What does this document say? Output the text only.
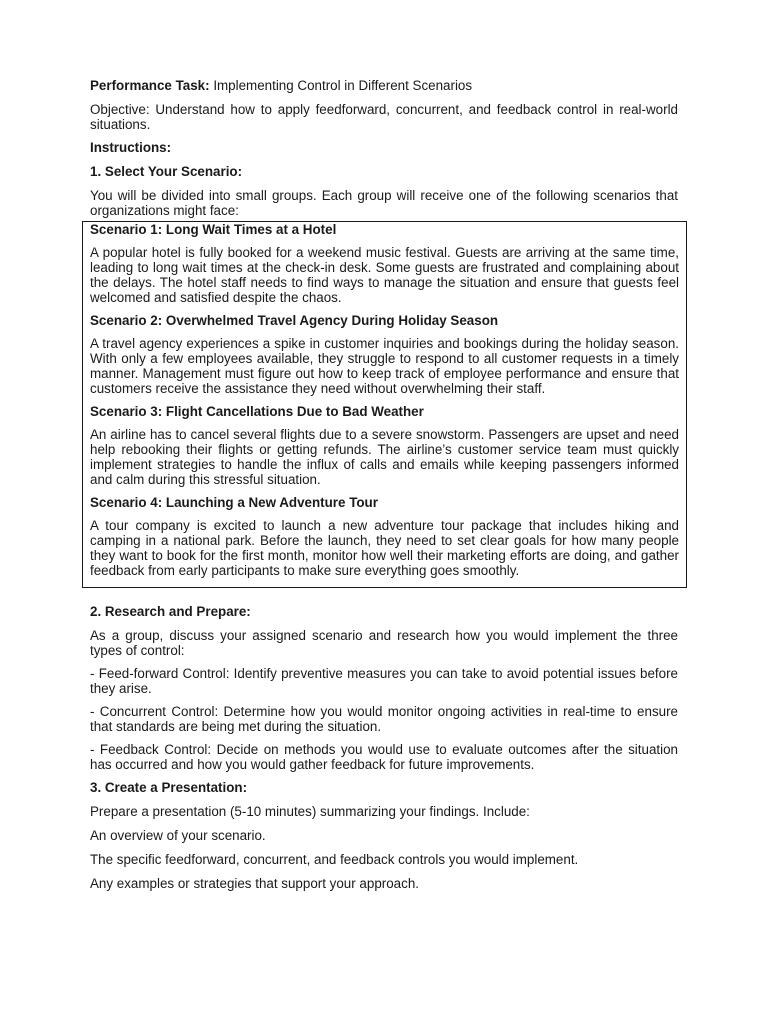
Performance Task: Implementing Control in Different Scenarios

Objective: Understand how to apply feedforward, concurrent, and feedback control in real-world situations.

Instructions:

1. Select Your Scenario:

You will be divided into small groups. Each group will receive one of the following scenarios that organizations might face:

Scenario 1: Long Wait Times at a Hotel

A popular hotel is fully booked for a weekend music festival. Guests are arriving at the same time, leading to long wait times at the check-in desk. Some guests are frustrated and complaining about the delays. The hotel staff needs to find ways to manage the situation and ensure that guests feel welcomed and satisfied despite the chaos.

Scenario 2: Overwhelmed Travel Agency During Holiday Season

A travel agency experiences a spike in customer inquiries and bookings during the holiday season. With only a few employees available, they struggle to respond to all customer requests in a timely manner. Management must figure out how to keep track of employee performance and ensure that customers receive the assistance they need without overwhelming their staff.

Scenario 3: Flight Cancellations Due to Bad Weather

An airline has to cancel several flights due to a severe snowstorm. Passengers are upset and need help rebooking their flights or getting refunds. The airline’s customer service team must quickly implement strategies to handle the influx of calls and emails while keeping passengers informed and calm during this stressful situation.

Scenario 4: Launching a New Adventure Tour

A tour company is excited to launch a new adventure tour package that includes hiking and camping in a national park. Before the launch, they need to set clear goals for how many people they want to book for the first month, monitor how well their marketing efforts are doing, and gather feedback from early participants to make sure everything goes smoothly.

2. Research and Prepare:

As a group, discuss your assigned scenario and research how you would implement the three types of control:

- Feed-forward Control: Identify preventive measures you can take to avoid potential issues before they arise.

- Concurrent Control: Determine how you would monitor ongoing activities in real-time to ensure that standards are being met during the situation.

- Feedback Control: Decide on methods you would use to evaluate outcomes after the situation has occurred and how you would gather feedback for future improvements.

3. Create a Presentation:

Prepare a presentation (5-10 minutes) summarizing your findings. Include:

An overview of your scenario.

The specific feedforward, concurrent, and feedback controls you would implement.

Any examples or strategies that support your approach.
